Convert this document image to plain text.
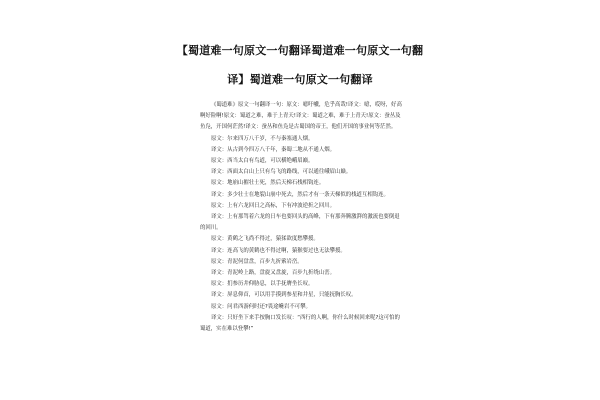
【蜀道难一句原文一句翻译蜀道难一句原文一句翻
译】蜀道难一句原文一句翻译

《蜀道难》原文一句翻译一句：原文：噫吁嚱，危乎高哉!译文：噫，哎呀，好高啊好险啊!原文：蜀道之难，难于上青天!译文：蜀道之难，难于上青天!原文：蚕丛及鱼凫，开国何茫然!译文：蚕丛和鱼凫是古蜀国的帝王，他们开国的事业何等茫然。

原文：尔来四万八千岁，不与秦塞通人烟。

译文：从古到今四万八千年，秦蜀二地从不通人烟。

原文：西当太白有鸟道，可以横绝峨眉巅。

译文：西面太白山上只有鸟飞的路线，可以通往峨眉山巅。

原文：地崩山摧壮士死，然后天梯石栈相钩连。

译文：多少壮士在地裂山崩中死去，然后才有一条天梯似的栈道互相钩连。

原文：上有六龙回日之高标，下有冲波逆折之回川。

译文：上有那驾着六龙的日车也要回头的高峰，下有那奔腾激湃的激流也要倒退的回川。

原文：黄鹤之飞尚不得过，猿猱欲度愁攀援。

译文：连高飞的黄鹤也不得过啊，猿猴要过也无法攀援。

原文：青泥何盘盘，百步九折萦岩峦。

译文：青泥岭上路，盘旋又盘旋，百步九折绕山峦。

原文：扪参历井仰胁息，以手抚膺坐长叹。

译文：屏息仰首，可以用手摸到参星和井星，只能抚胸长叹。

原文：问君西游何时还?畏途巉岩不可攀。

译文：只好坐下来手按胸口发长叹：“西行的人啊，你什么时候回来呢?这可怕的蜀道，实在难以登攀!”
